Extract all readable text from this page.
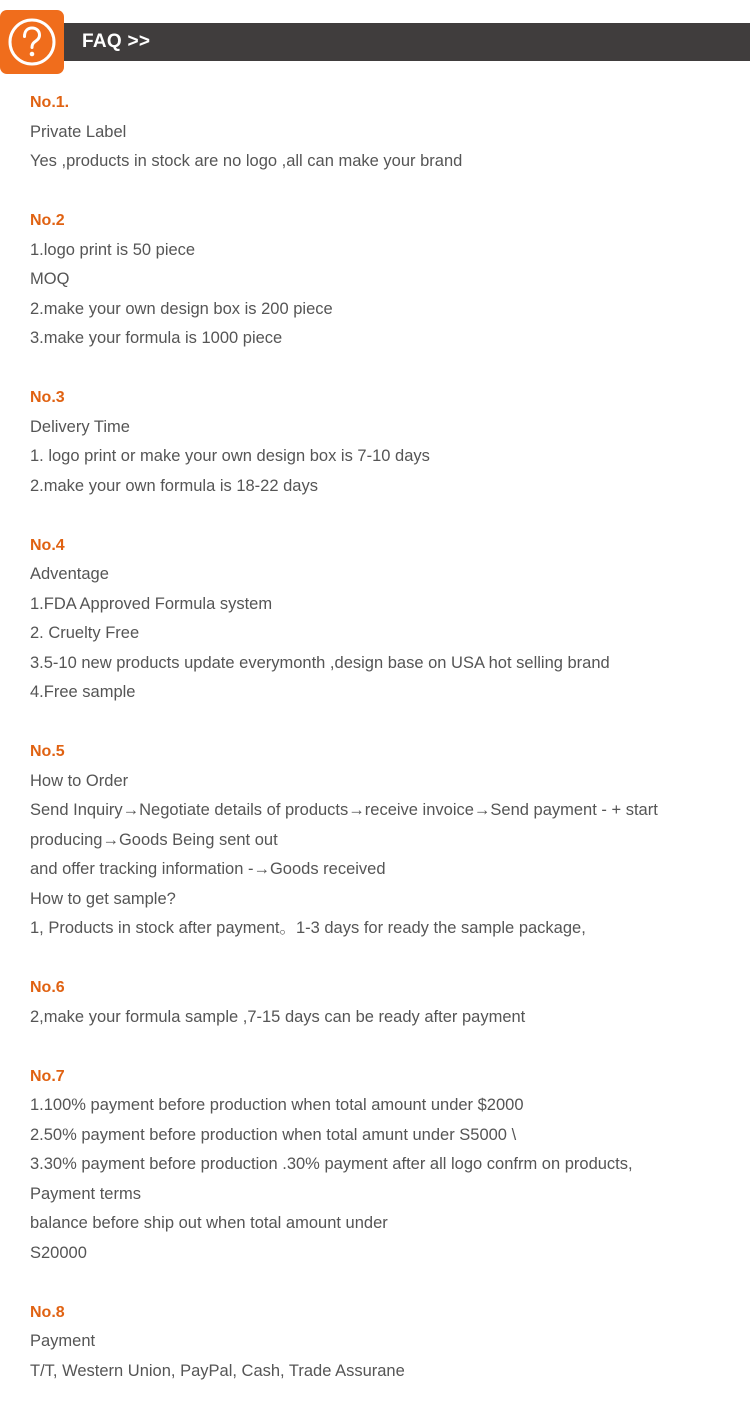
FAQ >>
No.1.
Private Label
Yes ,products in stock are no logo ,all can make your brand
No.2
1.logo print is 50 piece
MOQ
2.make your own design box is 200 piece
3.make your formula is 1000 piece
No.3
Delivery Time
1. logo print or make your own design box is 7-10 days
2.make your own formula is 18-22 days
No.4
Adventage
1.FDA Approved Formula system
2. Cruelty Free
3.5-10 new products update everymonth ,design base on USA hot selling brand
4.Free sample
No.5
How to Order
Send Inquiry→Negotiate details of products→receive invoice→Send payment - + start
producing→Goods Being sent out
and offer tracking information -→Goods received
How to get sample?
1, Products in stock after payment。1-3 days for ready the sample package,
No.6
2,make your formula sample ,7-15 days can be ready after payment
No.7
1.100% payment before production when total amount under $2000
2.50% payment before production when total amunt under S5000 \
3.30% payment before production .30% payment after all logo confrm on products,
Payment terms
balance before ship out when total amount under
S20000
No.8
Payment
T/T, Western Union, PayPal, Cash, Trade Assurane
